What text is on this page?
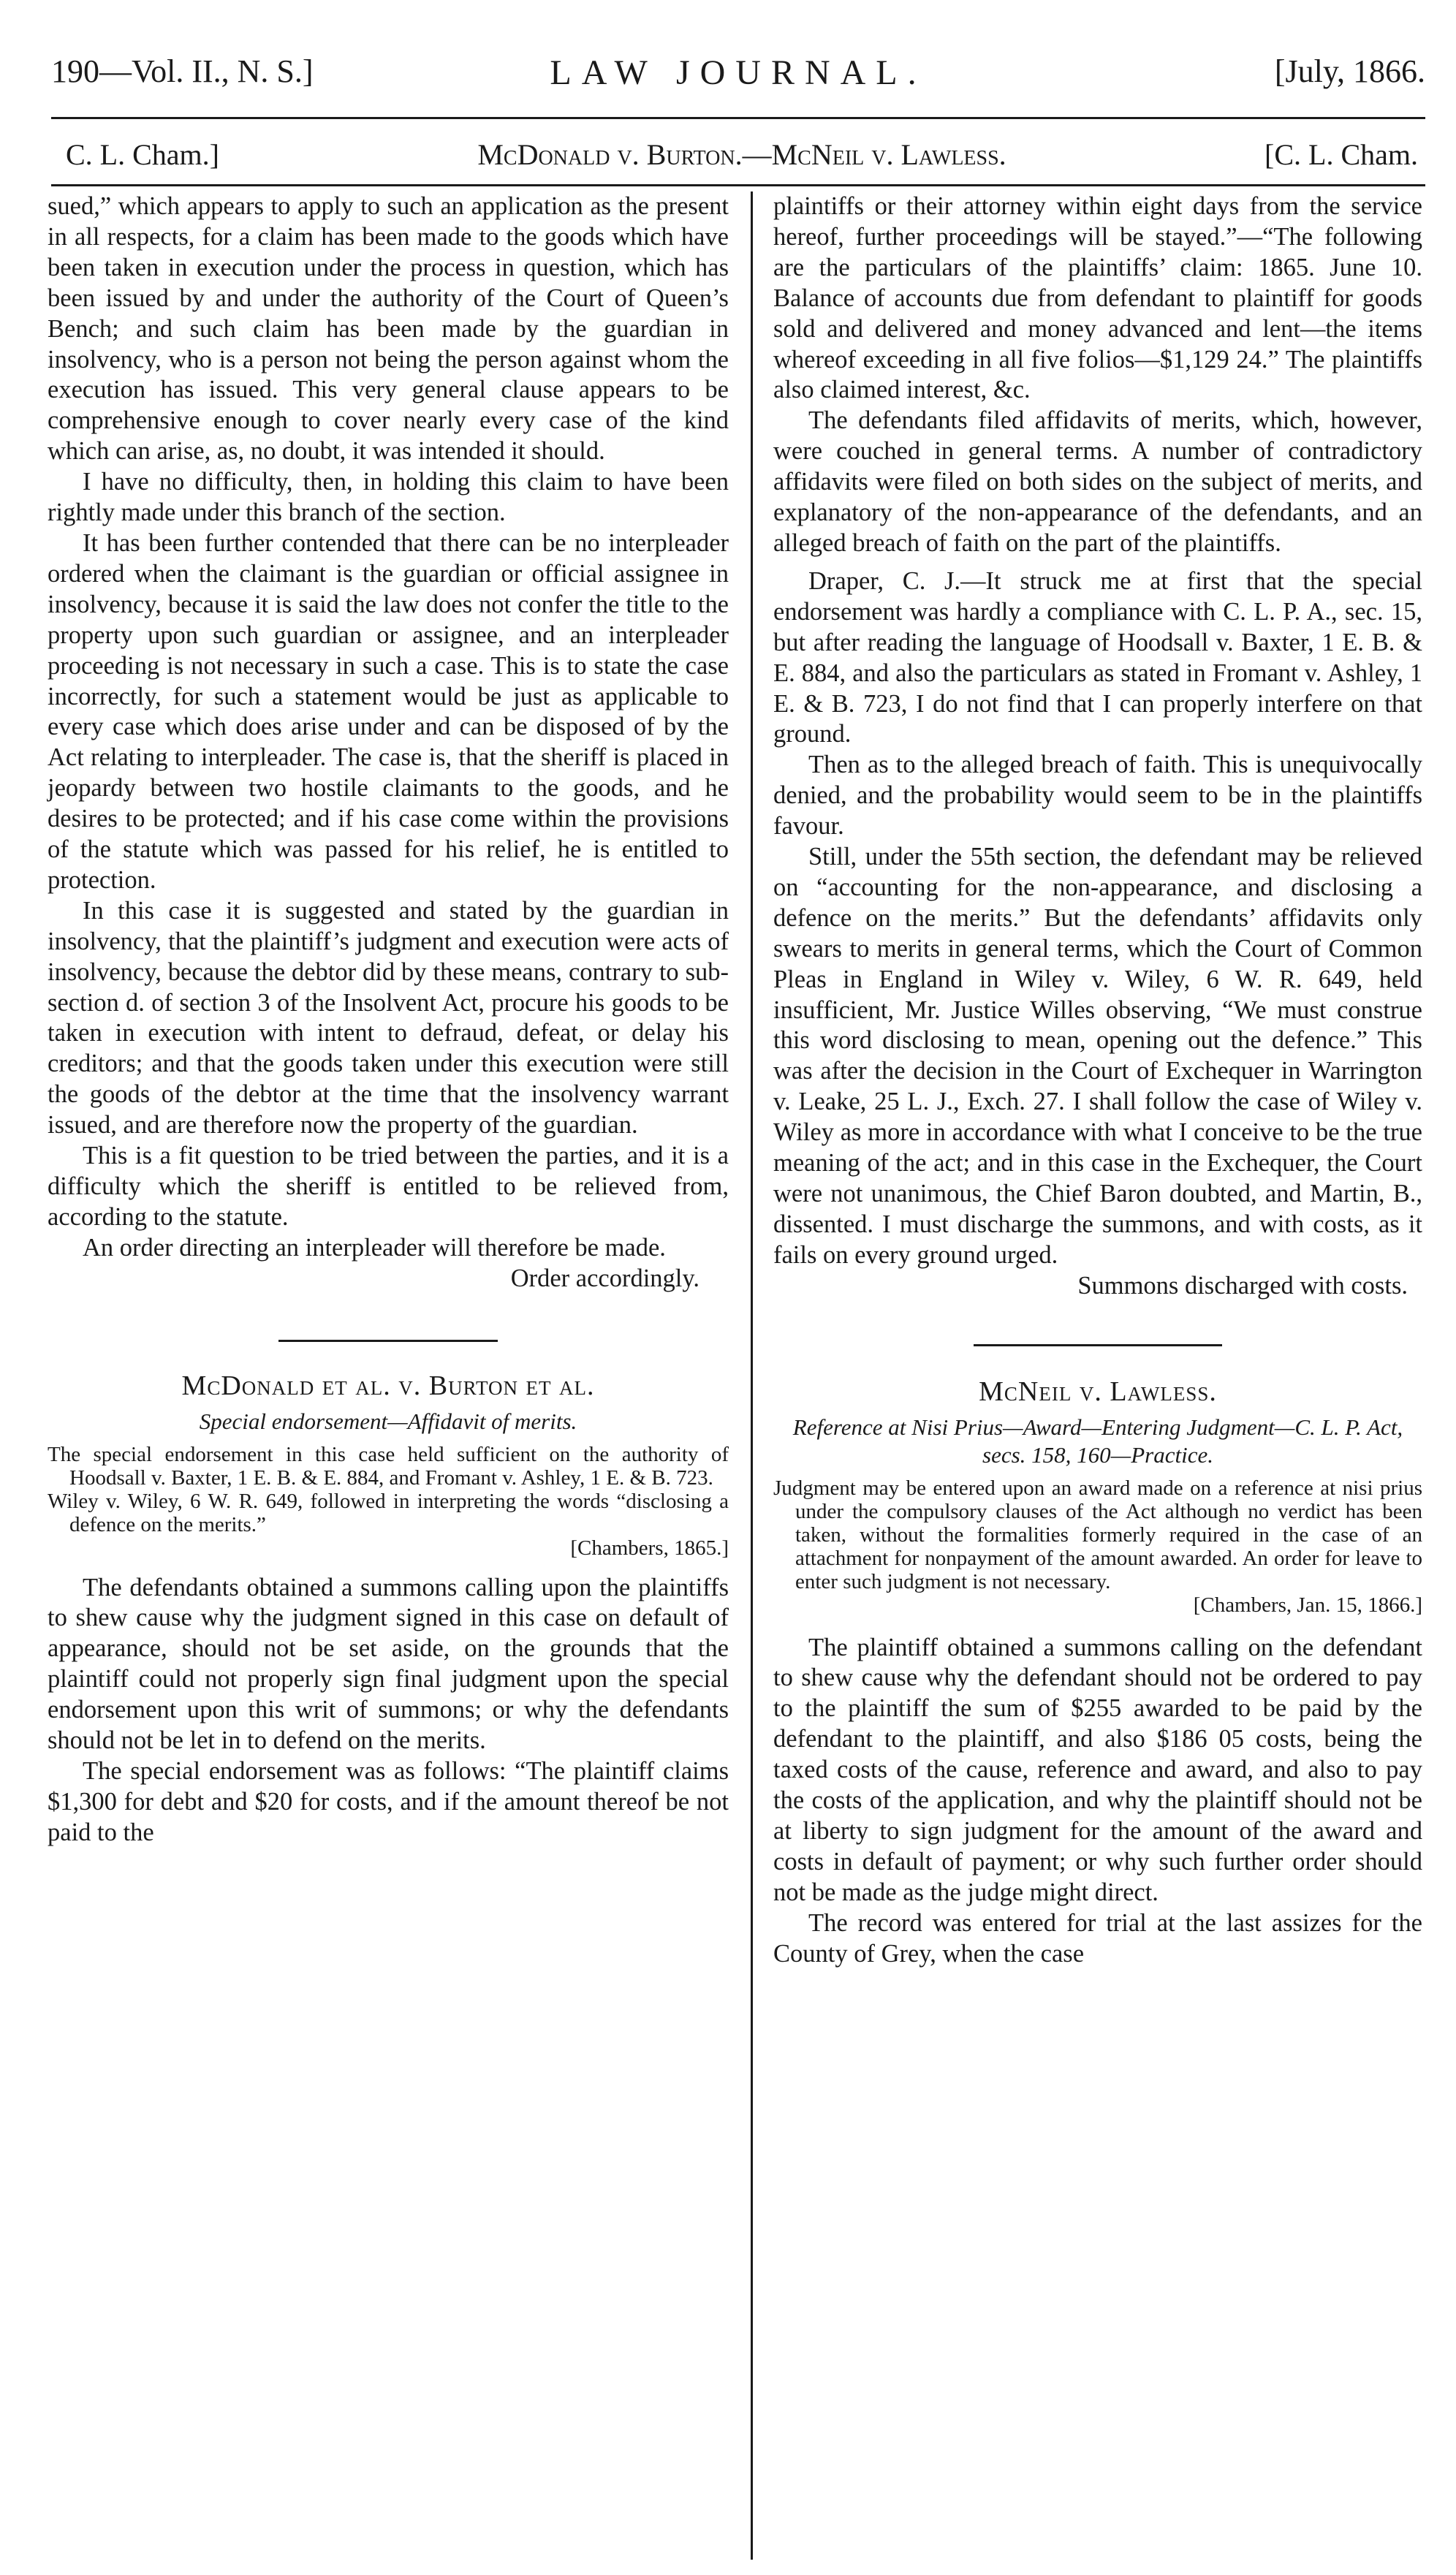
LAW JOURNAL.
190—Vol. II., N. S.]	[July, 1866.
McDonald v. Burton.—McNeil v. Lawless.
C. L. Cham.]	[C. L. Cham.

sued,” which appears to apply to such an application as the present in all respects, for a claim has been made to the goods which have been taken in execution under the process in question, which has been issued by and under the authority of the Court of Queen’s Bench; and such claim has been made by the guardian in insolvency, who is a person not being the person against whom the execution has issued. This very general clause appears to be comprehensive enough to cover nearly every case of the kind which can arise, as, no doubt, it was intended it should.

I have no difficulty, then, in holding this claim to have been rightly made under this branch of the section.

It has been further contended that there can be no interpleader ordered when the claimant is the guardian or official assignee in insolvency, because it is said the law does not confer the title to the property upon such guardian or assignee, and an interpleader proceeding is not necessary in such a case. This is to state the case incorrectly, for such a statement would be just as applicable to every case which does arise under and can be disposed of by the Act relating to interpleader. The case is, that the sheriff is placed in jeopardy between two hostile claimants to the goods, and he desires to be protected; and if his case come within the provisions of the statute which was passed for his relief, he is entitled to protection.

In this case it is suggested and stated by the guardian in insolvency, that the plaintiff’s judgment and execution were acts of insolvency, because the debtor did by these means, contrary to sub-section d. of section 3 of the Insolvent Act, procure his goods to be taken in execution with intent to defraud, defeat, or delay his creditors; and that the goods taken under this execution were still the goods of the debtor at the time that the insolvency warrant issued, and are therefore now the property of the guardian.

This is a fit question to be tried between the parties, and it is a difficulty which the sheriff is entitled to be relieved from, according to the statute.

An order directing an interpleader will therefore be made.

Order accordingly.

McDonald et al. v. Burton et al.
Special endorsement—Affidavit of merits.

The special endorsement in this case held sufficient on the authority of Hoodsall v. Baxter, 1 E. B. & E. 884, and Fromant v. Ashley, 1 E. & B. 723.

Wiley v. Wiley, 6 W. R. 649, followed in interpreting the words “disclosing a defence on the merits.”

[Chambers, 1865.]

The defendants obtained a summons calling upon the plaintiffs to shew cause why the judgment signed in this case on default of appearance, should not be set aside, on the grounds that the plaintiff could not properly sign final judgment upon the special endorsement upon this writ of summons; or why the defendants should not be let in to defend on the merits.

The special endorsement was as follows: “The plaintiff claims $1,300 for debt and $20 for costs, and if the amount thereof be not paid to the

plaintiffs or their attorney within eight days from the service hereof, further proceedings will be stayed.”—“The following are the particulars of the plaintiffs’ claim: 1865. June 10. Balance of accounts due from defendant to plaintiff for goods sold and delivered and money advanced and lent—the items whereof exceeding in all five folios—$1,129 24.” The plaintiffs also claimed interest, &c.

The defendants filed affidavits of merits, which, however, were couched in general terms. A number of contradictory affidavits were filed on both sides on the subject of merits, and explanatory of the non-appearance of the defendants, and an alleged breach of faith on the part of the plaintiffs.

Draper, C. J.—It struck me at first that the special endorsement was hardly a compliance with C. L. P. A., sec. 15, but after reading the language of Hoodsall v. Baxter, 1 E. B. & E. 884, and also the particulars as stated in Fromant v. Ashley, 1 E. & B. 723, I do not find that I can properly interfere on that ground.

Then as to the alleged breach of faith. This is unequivocally denied, and the probability would seem to be in the plaintiffs favour.

Still, under the 55th section, the defendant may be relieved on “accounting for the non-appearance, and disclosing a defence on the merits.” But the defendants’ affidavits only swears to merits in general terms, which the Court of Common Pleas in England in Wiley v. Wiley, 6 W. R. 649, held insufficient, Mr. Justice Willes observing, “We must construe this word disclosing to mean, opening out the defence.” This was after the decision in the Court of Exchequer in Warrington v. Leake, 25 L. J., Exch. 27. I shall follow the case of Wiley v. Wiley as more in accordance with what I conceive to be the true meaning of the act; and in this case in the Exchequer, the Court were not unanimous, the Chief Baron doubted, and Martin, B., dissented. I must discharge the summons, and with costs, as it fails on every ground urged.

Summons discharged with costs.

McNeil v. Lawless.
Reference at Nisi Prius—Award—Entering Judgment—C. L. P. Act, secs. 158, 160—Practice.

Judgment may be entered upon an award made on a reference at nisi prius under the compulsory clauses of the Act although no verdict has been taken, without the formalities formerly required in the case of an attachment for nonpayment of the amount awarded. An order for leave to enter such judgment is not necessary.

[Chambers, Jan. 15, 1866.]

The plaintiff obtained a summons calling on the defendant to shew cause why the defendant should not be ordered to pay to the plaintiff the sum of $255 awarded to be paid by the defendant to the plaintiff, and also $186 05 costs, being the taxed costs of the cause, reference and award, and also to pay the costs of the application, and why the plaintiff should not be at liberty to sign judgment for the amount of the award and costs in default of payment; or why such further order should not be made as the judge might direct.

The record was entered for trial at the last assizes for the County of Grey, when the case
